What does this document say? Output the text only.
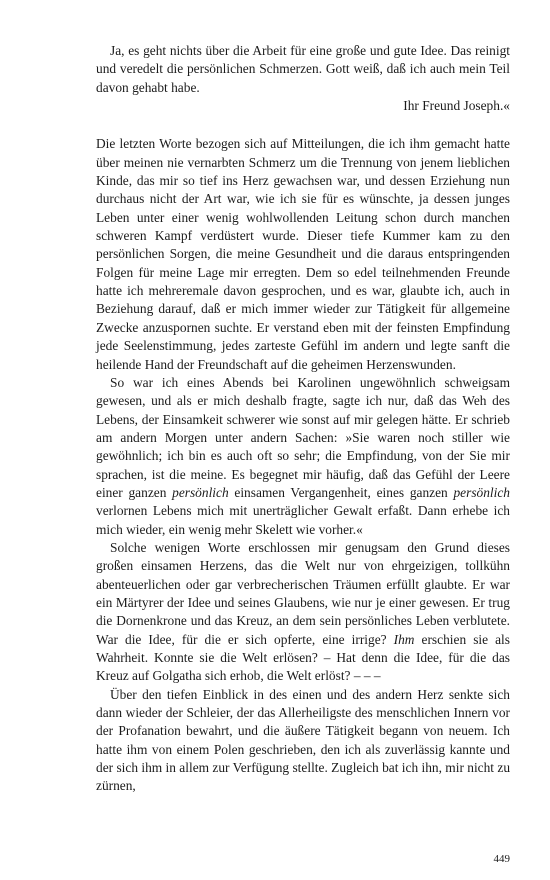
Ja, es geht nichts über die Arbeit für eine große und gute Idee. Das reinigt und veredelt die persönlichen Schmerzen. Gott weiß, daß ich auch mein Teil davon gehabt habe.

Ihr Freund Joseph.«

Die letzten Worte bezogen sich auf Mitteilungen, die ich ihm gemacht hatte über meinen nie vernarbten Schmerz um die Trennung von jenem lieblichen Kinde, das mir so tief ins Herz gewachsen war, und dessen Erziehung nun durchaus nicht der Art war, wie ich sie für es wünschte, ja dessen junges Leben unter einer wenig wohlwollenden Leitung schon durch manchen schweren Kampf verdüstert wurde. Dieser tiefe Kummer kam zu den persönlichen Sorgen, die meine Gesundheit und die daraus entspringenden Folgen für meine Lage mir erregten. Dem so edel teilnehmenden Freunde hatte ich mehreremale davon gesprochen, und es war, glaubte ich, auch in Beziehung darauf, daß er mich immer wieder zur Tätigkeit für allgemeine Zwecke anzuspornen suchte. Er verstand eben mit der feinsten Empfindung jede Seelenstimmung, jedes zarteste Gefühl im andern und legte sanft die heilende Hand der Freundschaft auf die geheimen Herzenswunden.

So war ich eines Abends bei Karolinen ungewöhnlich schweigsam gewesen, und als er mich deshalb fragte, sagte ich nur, daß das Weh des Lebens, der Einsamkeit schwerer wie sonst auf mir gelegen hätte. Er schrieb am andern Morgen unter andern Sachen: »Sie waren noch stiller wie gewöhnlich; ich bin es auch oft so sehr; die Empfindung, von der Sie mir sprachen, ist die meine. Es begegnet mir häufig, daß das Gefühl der Leere einer ganzen persönlich einsamen Vergangenheit, eines ganzen persönlich verlornen Lebens mich mit unerträglicher Gewalt erfaßt. Dann erhebe ich mich wieder, ein wenig mehr Skelett wie vorher.«

Solche wenigen Worte erschlossen mir genugsam den Grund dieses großen einsamen Herzens, das die Welt nur von ehrgeizigen, tollkühn abenteuerlichen oder gar verbrecherischen Träumen erfüllt glaubte. Er war ein Märtyrer der Idee und seines Glaubens, wie nur je einer gewesen. Er trug die Dornenkrone und das Kreuz, an dem sein persönliches Leben verblutete. War die Idee, für die er sich opferte, eine irrige? Ihm erschien sie als Wahrheit. Konnte sie die Welt erlösen? – Hat denn die Idee, für die das Kreuz auf Golgatha sich erhob, die Welt erlöst? – – –

Über den tiefen Einblick in des einen und des andern Herz senkte sich dann wieder der Schleier, der das Allerheiligste des menschlichen Innern vor der Profanation bewahrt, und die äußere Tätigkeit begann von neuem. Ich hatte ihm von einem Polen geschrieben, den ich als zuverlässig kannte und der sich ihm in allem zur Verfügung stellte. Zugleich bat ich ihn, mir nicht zu zürnen,

449
